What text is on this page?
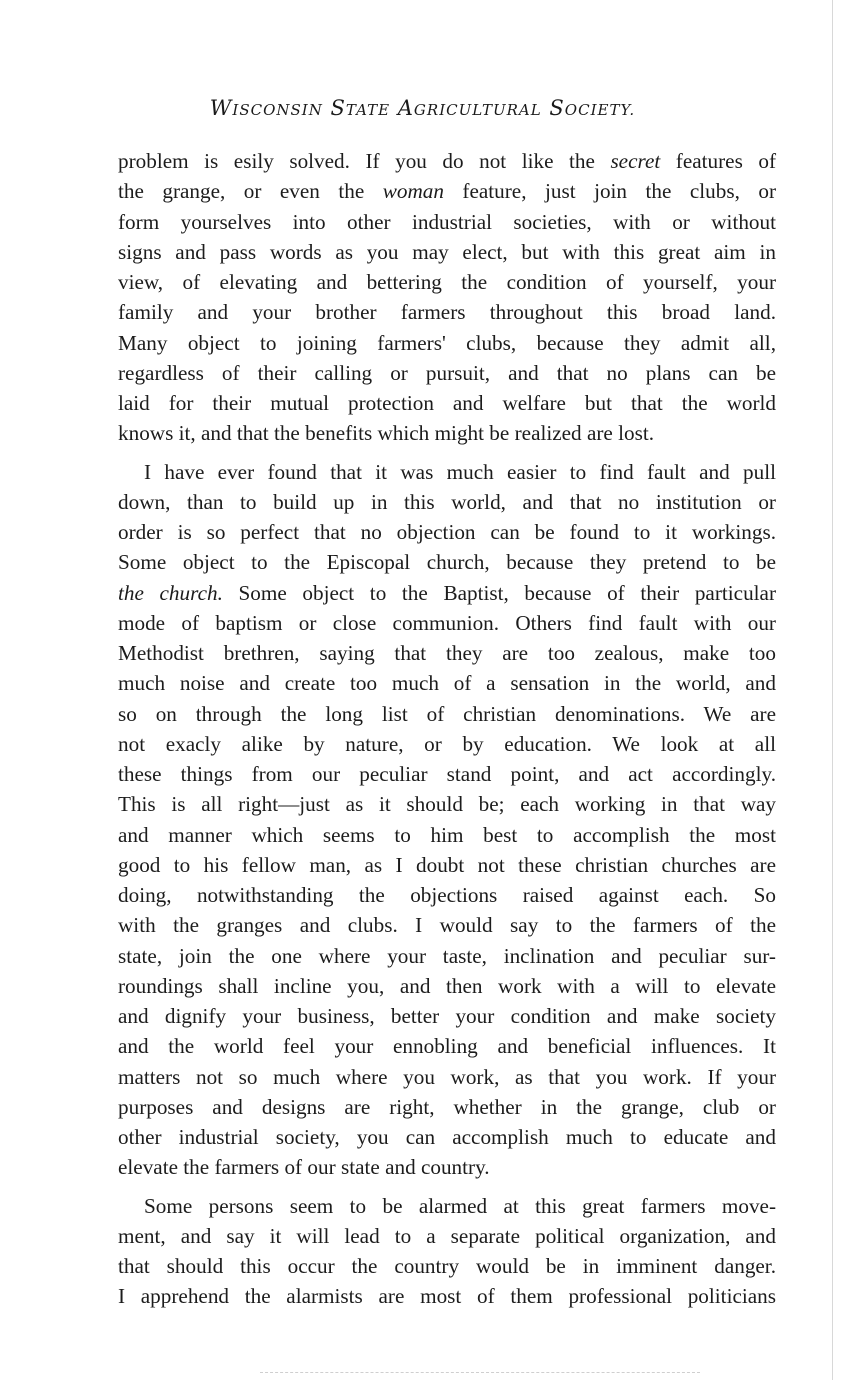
WISCONSIN STATE AGRICULTURAL SOCIETY.
problem is esily solved. If you do not like the secret features of
the grange, or even the woman feature, just join the clubs, or
form yourselves into other industrial societies, with or without
signs and pass words as you may elect, but with this great aim in
view, of elevating and bettering the condition of yourself, your
family and your brother farmers throughout this broad land.
Many object to joining farmers' clubs, because they admit all,
regardless of their calling or pursuit, and that no plans can be
laid for their mutual protection and welfare but that the world
knows it, and that the benefits which might be realized are lost.
I have ever found that it was much easier to find fault and pull
down, than to build up in this world, and that no institution or
order is so perfect that no objection can be found to it workings.
Some object to the Episcopal church, because they pretend to be
the church. Some object to the Baptist, because of their particular
mode of baptism or close communion. Others find fault with our
Methodist brethren, saying that they are too zealous, make too
much noise and create too much of a sensation in the world, and
so on through the long list of christian denominations. We are
not exacly alike by nature, or by education. We look at all
these things from our peculiar stand point, and act accordingly.
This is all right—just as it should be; each working in that way
and manner which seems to him best to accomplish the most
good to his fellow man, as I doubt not these christian churches are
doing, notwithstanding the objections raised against each. So
with the granges and clubs. I would say to the farmers of the
state, join the one where your taste, inclination and peculiar sur-
roundings shall incline you, and then work with a will to elevate
and dignify your business, better your condition and make society
and the world feel your ennobling and beneficial influences. It
matters not so much where you work, as that you work. If your
purposes and designs are right, whether in the grange, club or
other industrial society, you can accomplish much to educate and
elevate the farmers of our state and country.
Some persons seem to be alarmed at this great farmers move-
ment, and say it will lead to a separate political organization, and
that should this occur the country would be in imminent danger.
I apprehend the alarmists are most of them professional politicians
